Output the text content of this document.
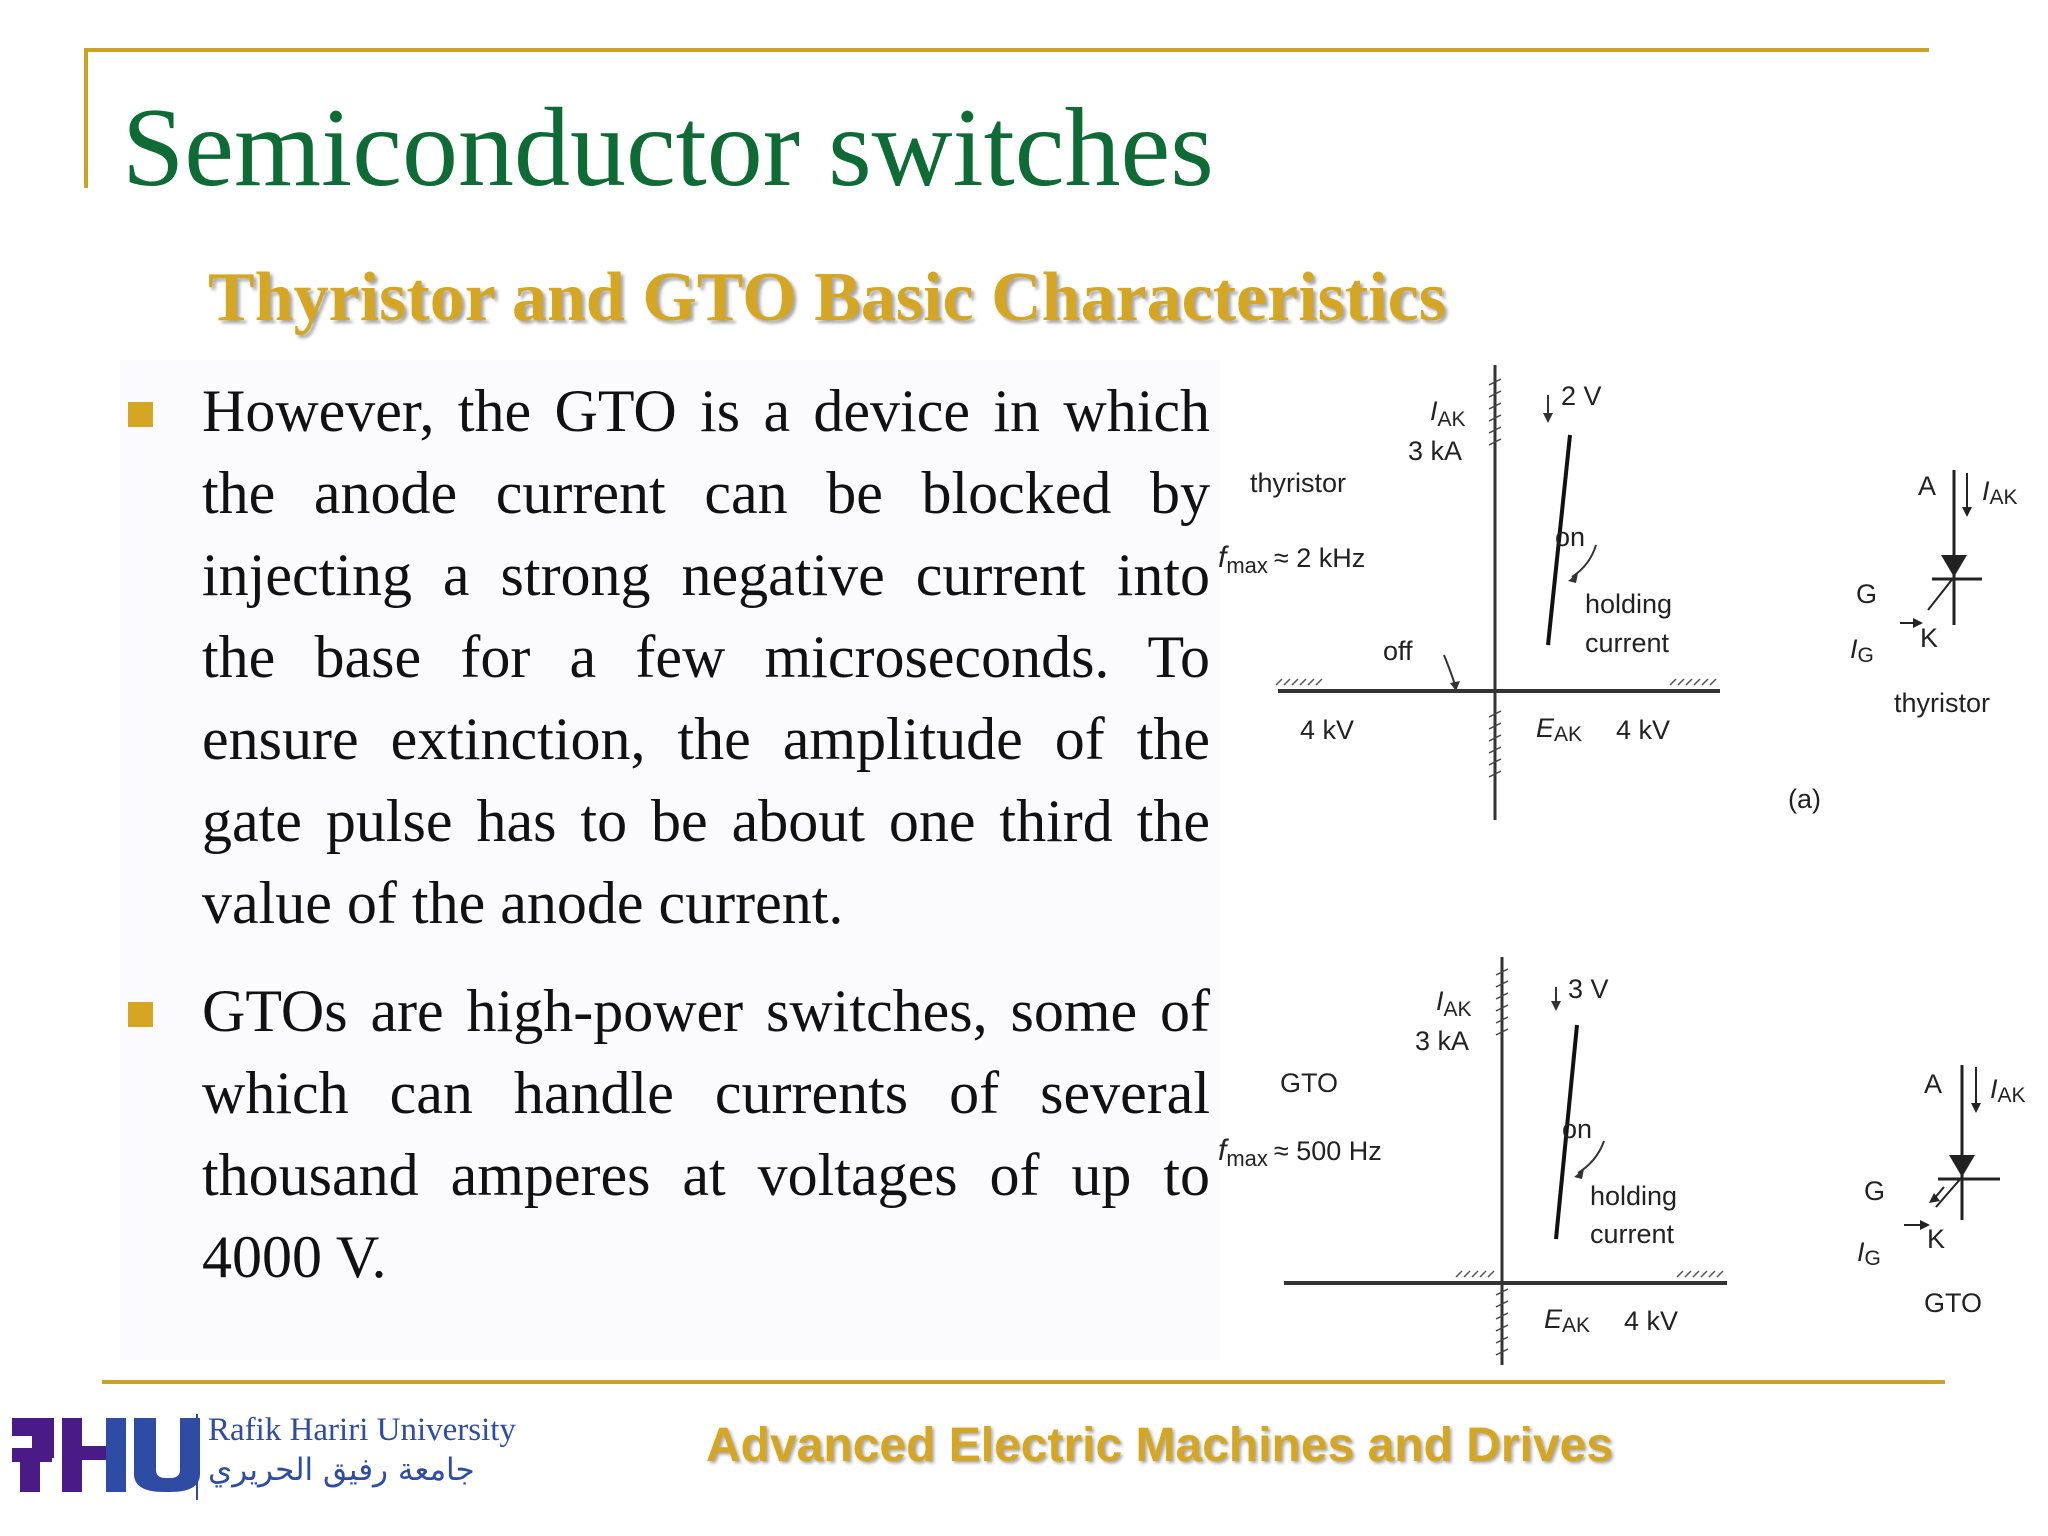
Semiconductor switches
Thyristor and GTO Basic Characteristics
However, the GTO is a device in which the anode current can be blocked by injecting a strong negative current into the base for a few microseconds. To ensure extinction, the amplitude of the gate pulse has to be about one third the value of the anode current.
GTOs are high-power switches, some of which can handle currents of several thousand amperes at voltages of up to 4000 V.
$I_{AK}$
3 kA
2 V
thyristor
$f_{max} \approx 2$ kHz
on
holding
current
off
4 kV	EAK 4 kV
(a)
A IAK
G
K
IG
thyristor
$I_{AK}$
3 kA
3 V
GTO
$f_{max} \approx 500$ Hz
on
holding
current
EAK 4 kV
A IAK
G
K
IG
GTO
Rafik Hariri University
جامعة رفيق الحريري	Advanced Electric Machines and Drives
